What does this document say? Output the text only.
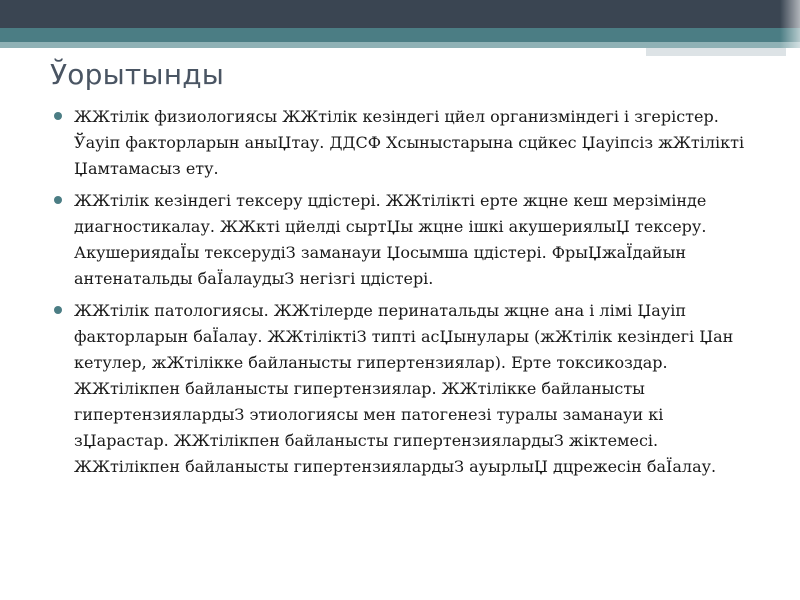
Ўорытынды
ЖЖтілік физиологиясы ЖЖтілік кезіндегі цйел организміндегі і згерістер. Ўауіп факторларын аныЏтау. ДДСФ Хсыныстарына сцйкес Џауіпсіз жЖтілікті Џамтамасыз ету.
ЖЖтілік кезіндегі тексеру цдістері. ЖЖтілікті ерте жцне кеш мерзімінде диагностикалау. ЖЖкті цйелді сыртЏы жцне ішкі акушериялыЏ тексеру. АкушериядаЇы тексерудіЗ заманауи Џосымша цдістері. ФрыЏжаЇдайын антенатальды баЇалаудыЗ негізгі цдістері.
ЖЖтілік патологиясы. ЖЖтілерде перинатальды жцне ана і лімі Џауіп факторларын баЇалау. ЖЖтіліктіЗ типті асЏынулары (жЖтілік кезіндегі Џан кетулер, жЖтілікке байланысты гипертензиялар). Ерте токсикоздар. ЖЖтілікпен байланысты гипертензиялар. ЖЖтілікке байланысты гипертензиялардыЗ этиологиясы мен патогенезі туралы заманауи кі зЏарастар. ЖЖтілікпен байланысты гипертензиялардыЗ жіктемесі. ЖЖтілікпен байланысты гипертензиялардыЗ ауырлыЏ дцрежесін баЇалау.
